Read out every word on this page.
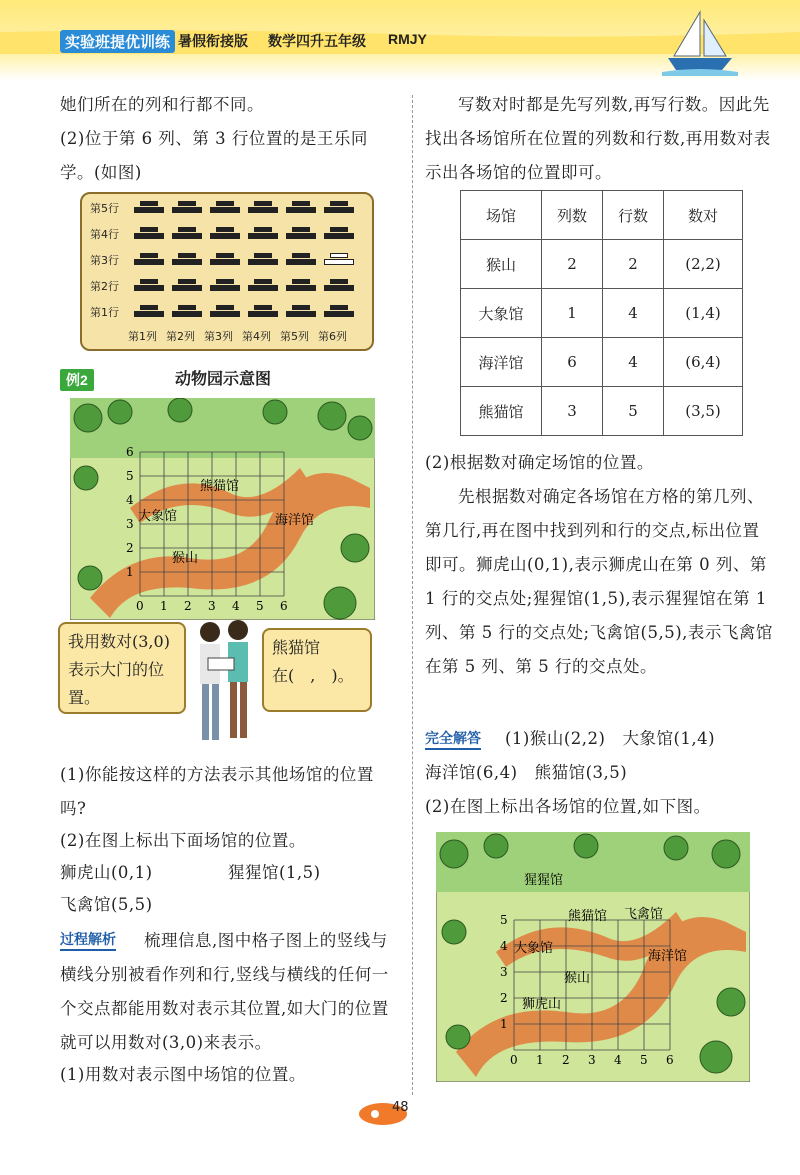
实验班提优训练 暑假衔接版 数学四升五年级 RMJY
她们所在的列和行都不同。
(2)位于第 6 列、第 3 行位置的是王乐同学。(如图)
第5行
第4行
第3行
第2行
第1行
第1列 第2列 第3列 第4列 第5列 第6列
例2	动物园示意图
0 1 2 3 4 5 6
1
2
3
4
5
6
熊猫馆
大象馆	海洋馆
猴山
我用数对(3,0)表示大门的位置。
熊猫馆
在(　,　)。
(1)你能按这样的方法表示其他场馆的位置吗?
(2)在图上标出下面场馆的位置。
狮虎山(0,1)	猩猩馆(1,5)
飞禽馆(5,5)
过程解析	梳理信息,图中格子图上的竖线与横线分别被看作列和行,竖线与横线的任何一个交点都能用数对表示其位置,如大门的位置就可以用数对(3,0)来表示。
(1)用数对表示图中场馆的位置。
写数对时都是先写列数,再写行数。因此先找出各场馆所在位置的列数和行数,再用数对表示出各场馆的位置即可。
场馆	列数	行数	数对
猴山	2	2	(2,2)
大象馆	1	4	(1,4)
海洋馆	6	4	(6,4)
熊猫馆	3	5	(3,5)
(2)根据数对确定场馆的位置。
先根据数对确定各场馆在方格的第几列、第几行,再在图中找到列和行的交点,标出位置即可。狮虎山(0,1),表示狮虎山在第 0 列、第 1 行的交点处;猩猩馆(1,5),表示猩猩馆在第 1 列、第 5 行的交点处;飞禽馆(5,5),表示飞禽馆在第 5 列、第 5 行的交点处。
完全解答 (1)猴山(2,2)　大象馆(1,4)
海洋馆(6,4)　熊猫馆(3,5)
(2)在图上标出各场馆的位置,如下图。
0 1 2 3 4 5 6
1
2
3
4
5
猩猩馆
熊猫馆 飞禽馆
大象馆
海洋馆
狮虎山
猴山
48
